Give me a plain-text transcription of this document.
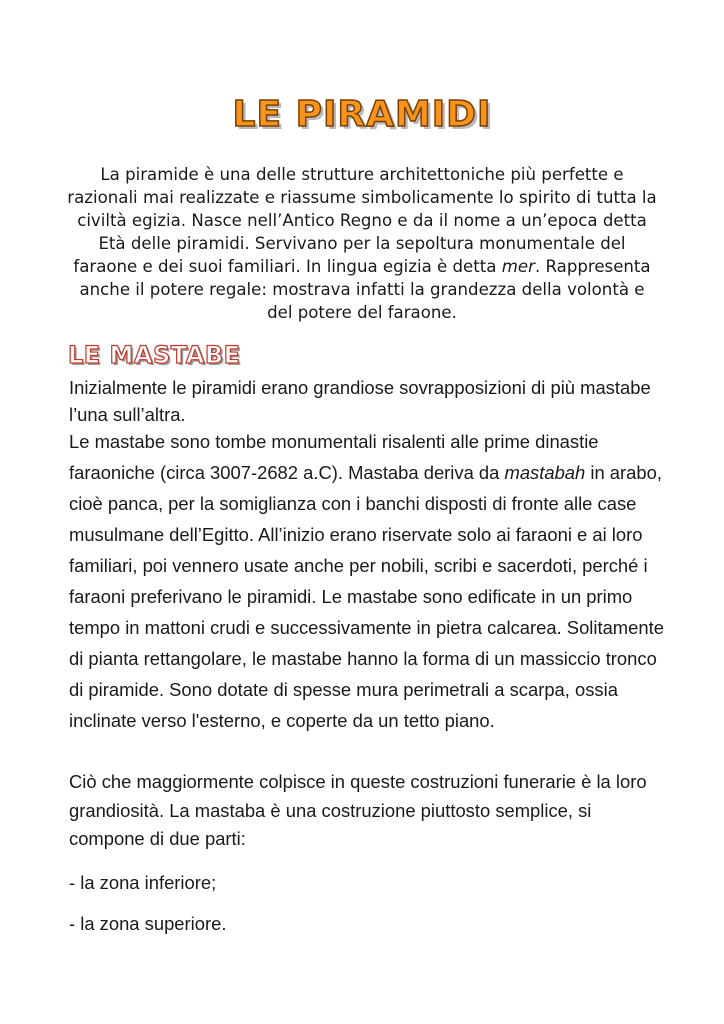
LE PIRAMIDI

La piramide è una delle strutture architettoniche più perfette e razionali mai realizzate e riassume simbolicamente lo spirito di tutta la civiltà egizia. Nasce nell’Antico Regno e da il nome a un’epoca detta Età delle piramidi. Servivano per la sepoltura monumentale del faraone e dei suoi familiari. In lingua egizia è detta mer. Rappresenta anche il potere regale: mostrava infatti la grandezza della volontà e del potere del faraone.

LE MASTABE

Inizialmente le piramidi erano grandiose sovrapposizioni di più mastabe l’una sull’altra.

Le mastabe sono tombe monumentali risalenti alle prime dinastie faraoniche (circa 3007-2682 a.C). Mastaba deriva da mastabah in arabo, cioè panca, per la somiglianza con i banchi disposti di fronte alle case musulmane dell’Egitto. All’inizio erano riservate solo ai faraoni e ai loro familiari, poi vennero usate anche per nobili, scribi e sacerdoti, perché i faraoni preferivano le piramidi. Le mastabe sono edificate in un primo tempo in mattoni crudi e successivamente in pietra calcarea. Solitamente di pianta rettangolare, le mastabe hanno la forma di un massiccio tronco di piramide. Sono dotate di spesse mura perimetrali a scarpa, ossia inclinate verso l'esterno, e coperte da un tetto piano.

Ciò che maggiormente colpisce in queste costruzioni funerarie è la loro grandiosità. La mastaba è una costruzione piuttosto semplice, si compone di due parti:

- la zona inferiore;

- la zona superiore.
